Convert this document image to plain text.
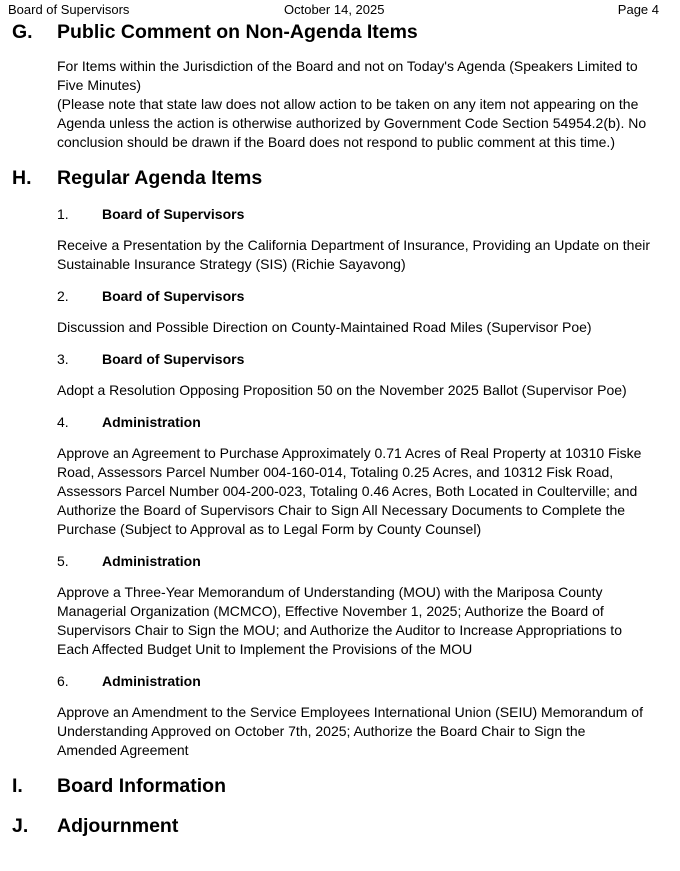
Board of Supervisors	October 14, 2025	Page 4
G. Public Comment on Non-Agenda Items
For Items within the Jurisdiction of the Board and not on Today's Agenda (Speakers Limited to
Five Minutes)
(Please note that state law does not allow action to be taken on any item not appearing on the
Agenda unless the action is otherwise authorized by Government Code Section 54954.2(b). No
conclusion should be drawn if the Board does not respond to public comment at this time.)
H. Regular Agenda Items
1. Board of Supervisors
Receive a Presentation by the California Department of Insurance, Providing an Update on their
Sustainable Insurance Strategy (SIS) (Richie Sayavong)
2. Board of Supervisors
Discussion and Possible Direction on County-Maintained Road Miles (Supervisor Poe)
3. Board of Supervisors
Adopt a Resolution Opposing Proposition 50 on the November 2025 Ballot (Supervisor Poe)
4. Administration
Approve an Agreement to Purchase Approximately 0.71 Acres of Real Property at 10310 Fiske
Road, Assessors Parcel Number 004-160-014, Totaling 0.25 Acres, and 10312 Fisk Road,
Assessors Parcel Number 004-200-023, Totaling 0.46 Acres, Both Located in Coulterville; and
Authorize the Board of Supervisors Chair to Sign All Necessary Documents to Complete the
Purchase (Subject to Approval as to Legal Form by County Counsel)
5. Administration
Approve a Three-Year Memorandum of Understanding (MOU) with the Mariposa County
Managerial Organization (MCMCO), Effective November 1, 2025; Authorize the Board of
Supervisors Chair to Sign the MOU; and Authorize the Auditor to Increase Appropriations to
Each Affected Budget Unit to Implement the Provisions of the MOU
6. Administration
Approve an Amendment to the Service Employees International Union (SEIU) Memorandum of
Understanding Approved on October 7th, 2025; Authorize the Board Chair to Sign the
Amended Agreement
I. Board Information
J. Adjournment
